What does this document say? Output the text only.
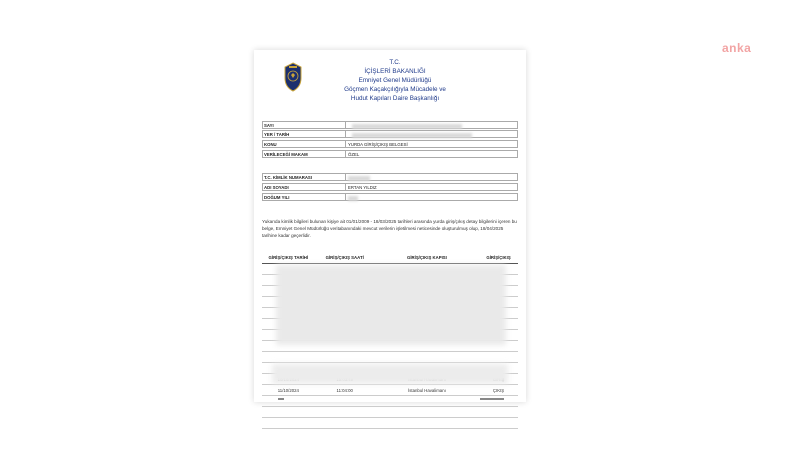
anka
T.C.
İÇİŞLERİ BAKANLIĞI
Emniyet Genel Müdürlüğü
Göçmen Kaçakçılığıyla Mücadele ve
Hudut Kapıları Daire Başkanlığı
SAYI
YER / TARİH
KONU	YURDA GİRİŞ/ÇIKIŞ BELGESİ
VERİLECEĞİ MAKAM	ÖZEL
T.C. KİMLİK NUMARASI
ADI SOYADI	ERTAN YILDIZ
DOĞUM YILI
Yukarıda kimlik bilgileri bulunan kişiye ait 01/01/2009 - 18/03/2025 tarihleri arasında yurda giriş/çıkış detay bilgilerini içeren bu belge, Emniyet Genel Müdürlüğü veritabanındaki mevcut verilerin işletilmesi neticesinde oluşturulmuş olup, 18/04/2025 tarihine kadar geçerlidir.
GİRİŞ/ÇIKIŞ TARİHİ	GİRİŞ/ÇIKIŞ SAATİ	GİRİŞ/ÇIKIŞ KAPISI	GİRİŞ/ÇIKIŞ

11/10/2024	11:04:00	İstanbul Havalimanı	ÇIKIŞ
